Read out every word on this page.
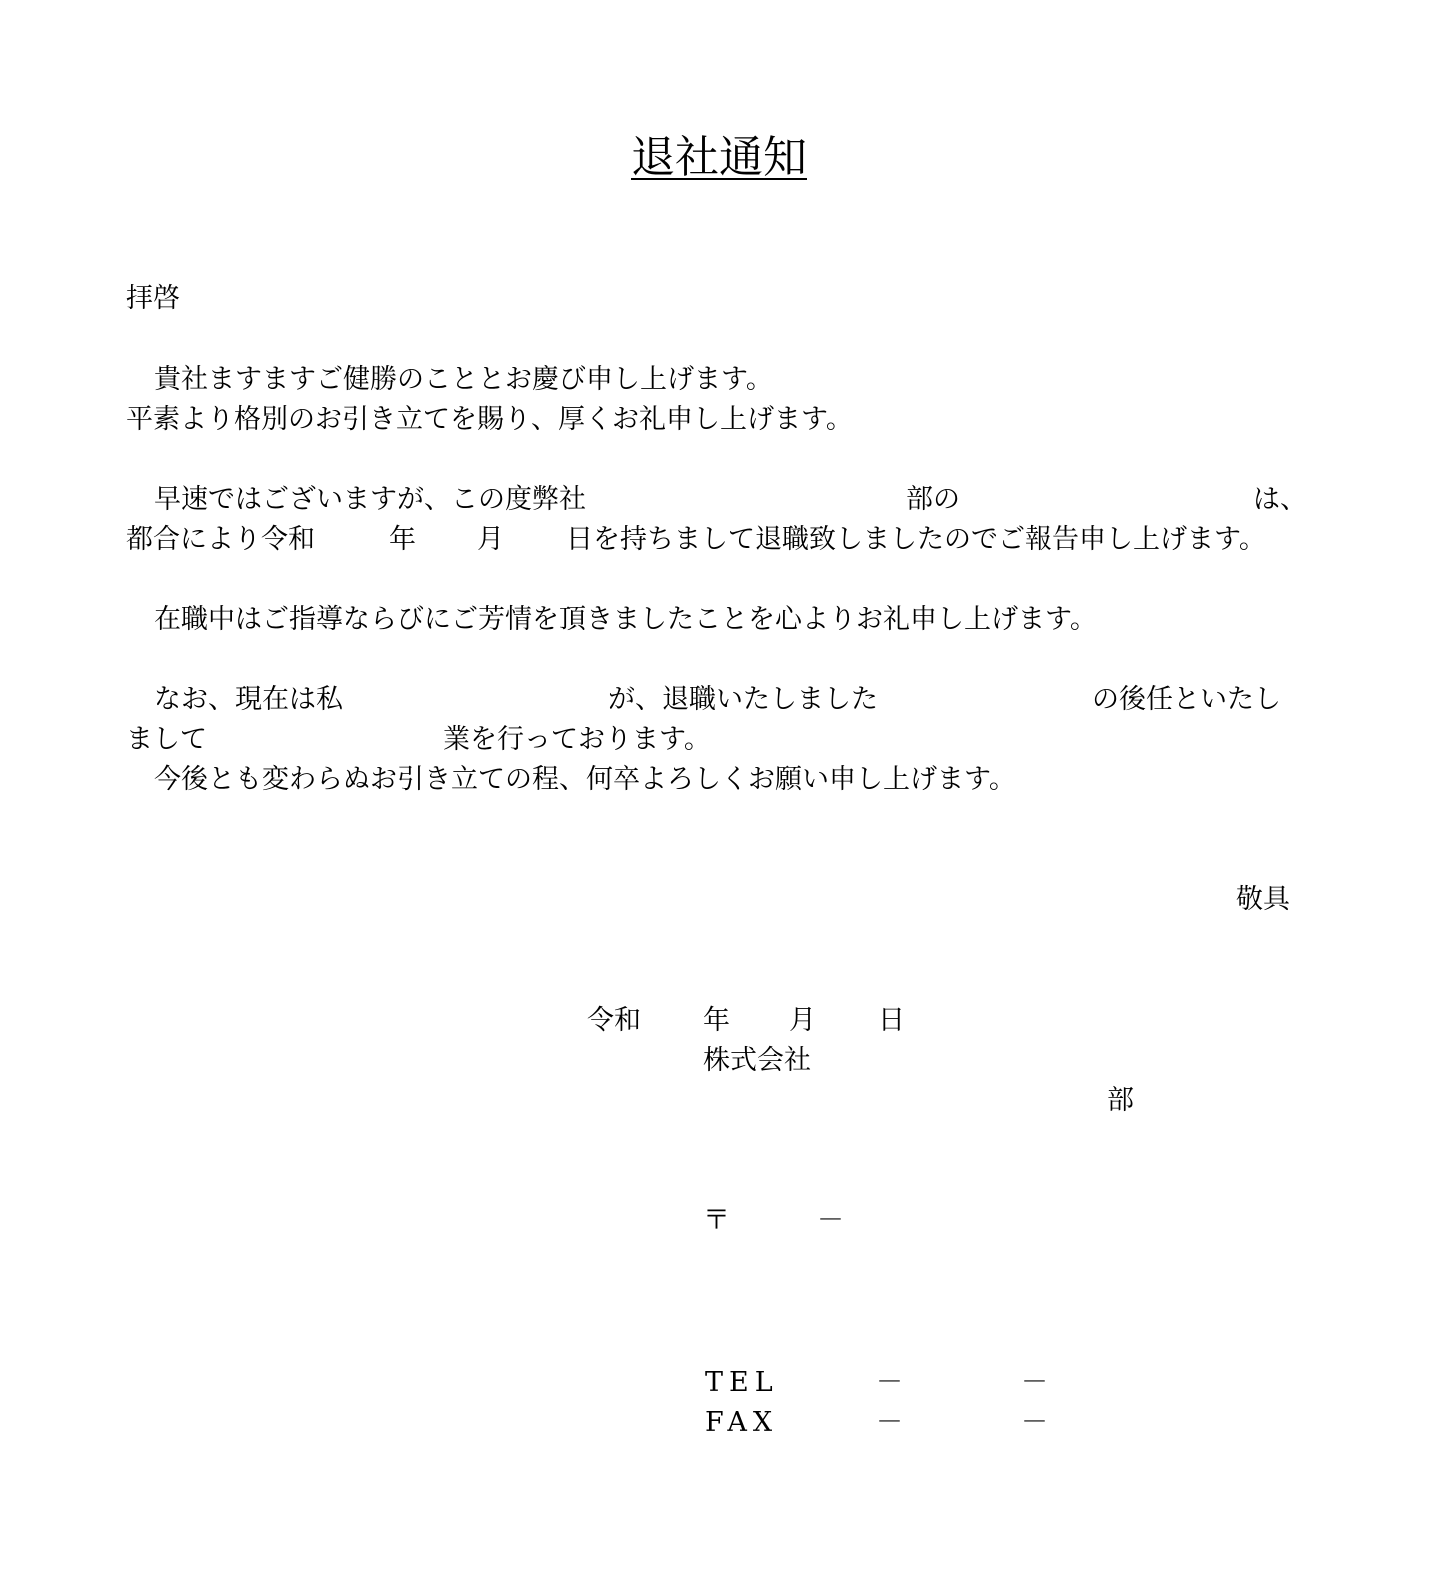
退社通知
拝啓
貴社ますますご健勝のこととお慶び申し上げます。
平素より格別のお引き立てを賜り、厚くお礼申し上げます。
早速ではございますが、この度弊社	部の	は、
都合により令和	年 月 日を持ちまして退職致しましたのでご報告申し上げます。
在職中はご指導ならびにご芳情を頂きましたことを心よりお礼申し上げます。
なお、現在は私	が、退職いたしました	の後任といたし
まして	業を行っております。
今後とも変わらぬお引き立ての程、何卒よろしくお願い申し上げます。
敬具
令和 年 月 日
株式会社
部
〒	－
TEL	－	－
FAX	－	－
